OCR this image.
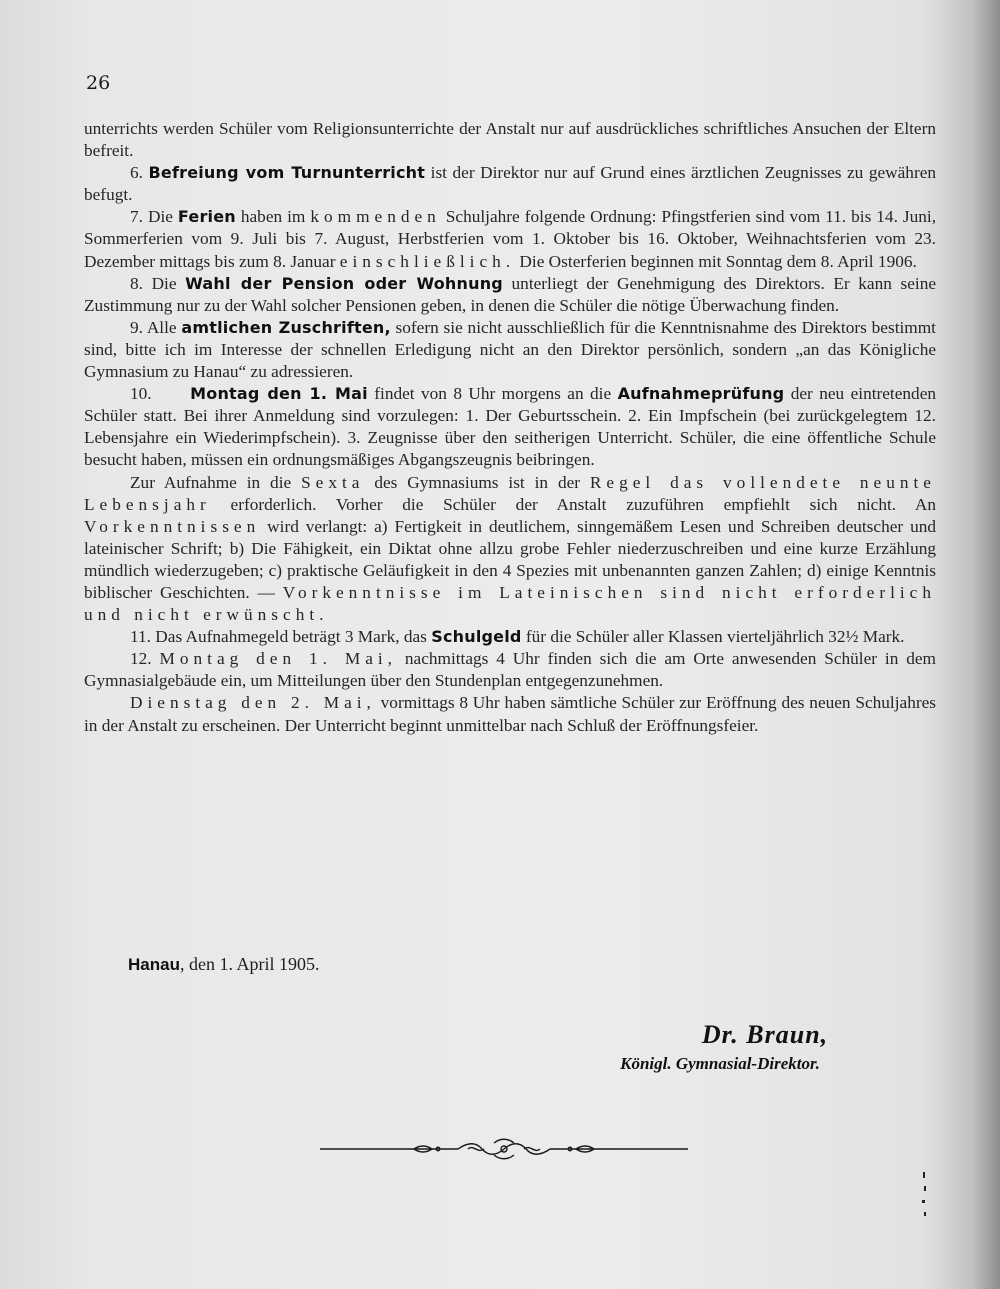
26

unterrichts werden Schüler vom Religionsunterrichte der Anstalt nur auf ausdrückliches schriftliches Ansuchen der Eltern befreit.

6. Befreiung vom Turnunterricht ist der Direktor nur auf Grund eines ärztlichen Zeugnisses zu gewähren befugt.

7. Die Ferien haben im kommenden Schuljahre folgende Ordnung: Pfingstferien sind vom 11. bis 14. Juni, Sommerferien vom 9. Juli bis 7. August, Herbstferien vom 1. Oktober bis 16. Oktober, Weihnachtsferien vom 23. Dezember mittags bis zum 8. Januar einschließlich. Die Osterferien beginnen mit Sonntag dem 8. April 1906.

8. Die Wahl der Pension oder Wohnung unterliegt der Genehmigung des Direktors. Er kann seine Zustimmung nur zu der Wahl solcher Pensionen geben, in denen die Schüler die nötige Überwachung finden.

9. Alle amtlichen Zuschriften, sofern sie nicht ausschließlich für die Kenntnisnahme des Direktors bestimmt sind, bitte ich im Interesse der schnellen Erledigung nicht an den Direktor persönlich, sondern „an das Königliche Gymnasium zu Hanau“ zu adressieren.

10. Montag den 1. Mai findet von 8 Uhr morgens an die Aufnahmeprüfung der neu eintretenden Schüler statt. Bei ihrer Anmeldung sind vorzulegen: 1. Der Geburtsschein. 2. Ein Impfschein (bei zurückgelegtem 12. Lebensjahre ein Wiederimpfschein). 3. Zeugnisse über den seitherigen Unterricht. Schüler, die eine öffentliche Schule besucht haben, müssen ein ordnungsmäßiges Abgangszeugnis beibringen.

Zur Aufnahme in die Sexta des Gymnasiums ist in der Regel das vollendete neunte Lebensjahr erforderlich. Vorher die Schüler der Anstalt zuzuführen empfiehlt sich nicht. An Vorkenntnissen wird verlangt: a) Fertigkeit in deutlichem, sinngemäßem Lesen und Schreiben deutscher und lateinischer Schrift; b) Die Fähigkeit, ein Diktat ohne allzu grobe Fehler niederzuschreiben und eine kurze Erzählung mündlich wiederzugeben; c) praktische Geläufigkeit in den 4 Spezies mit unbenannten ganzen Zahlen; d) einige Kenntnis biblischer Geschichten. — Vorkenntnisse im Lateinischen sind nicht erforderlich und nicht erwünscht.

11. Das Aufnahmegeld beträgt 3 Mark, das Schulgeld für die Schüler aller Klassen vierteljährlich 32½ Mark.

12. Montag den 1. Mai, nachmittags 4 Uhr finden sich die am Orte anwesenden Schüler in dem Gymnasialgebäude ein, um Mitteilungen über den Stundenplan entgegenzunehmen.

Dienstag den 2. Mai, vormittags 8 Uhr haben sämtliche Schüler zur Eröffnung des neuen Schuljahres in der Anstalt zu erscheinen. Der Unterricht beginnt unmittelbar nach Schluß der Eröffnungsfeier.

Hanau, den 1. April 1905.
Dr. Braun,
Königl. Gymnasial-Direktor.
